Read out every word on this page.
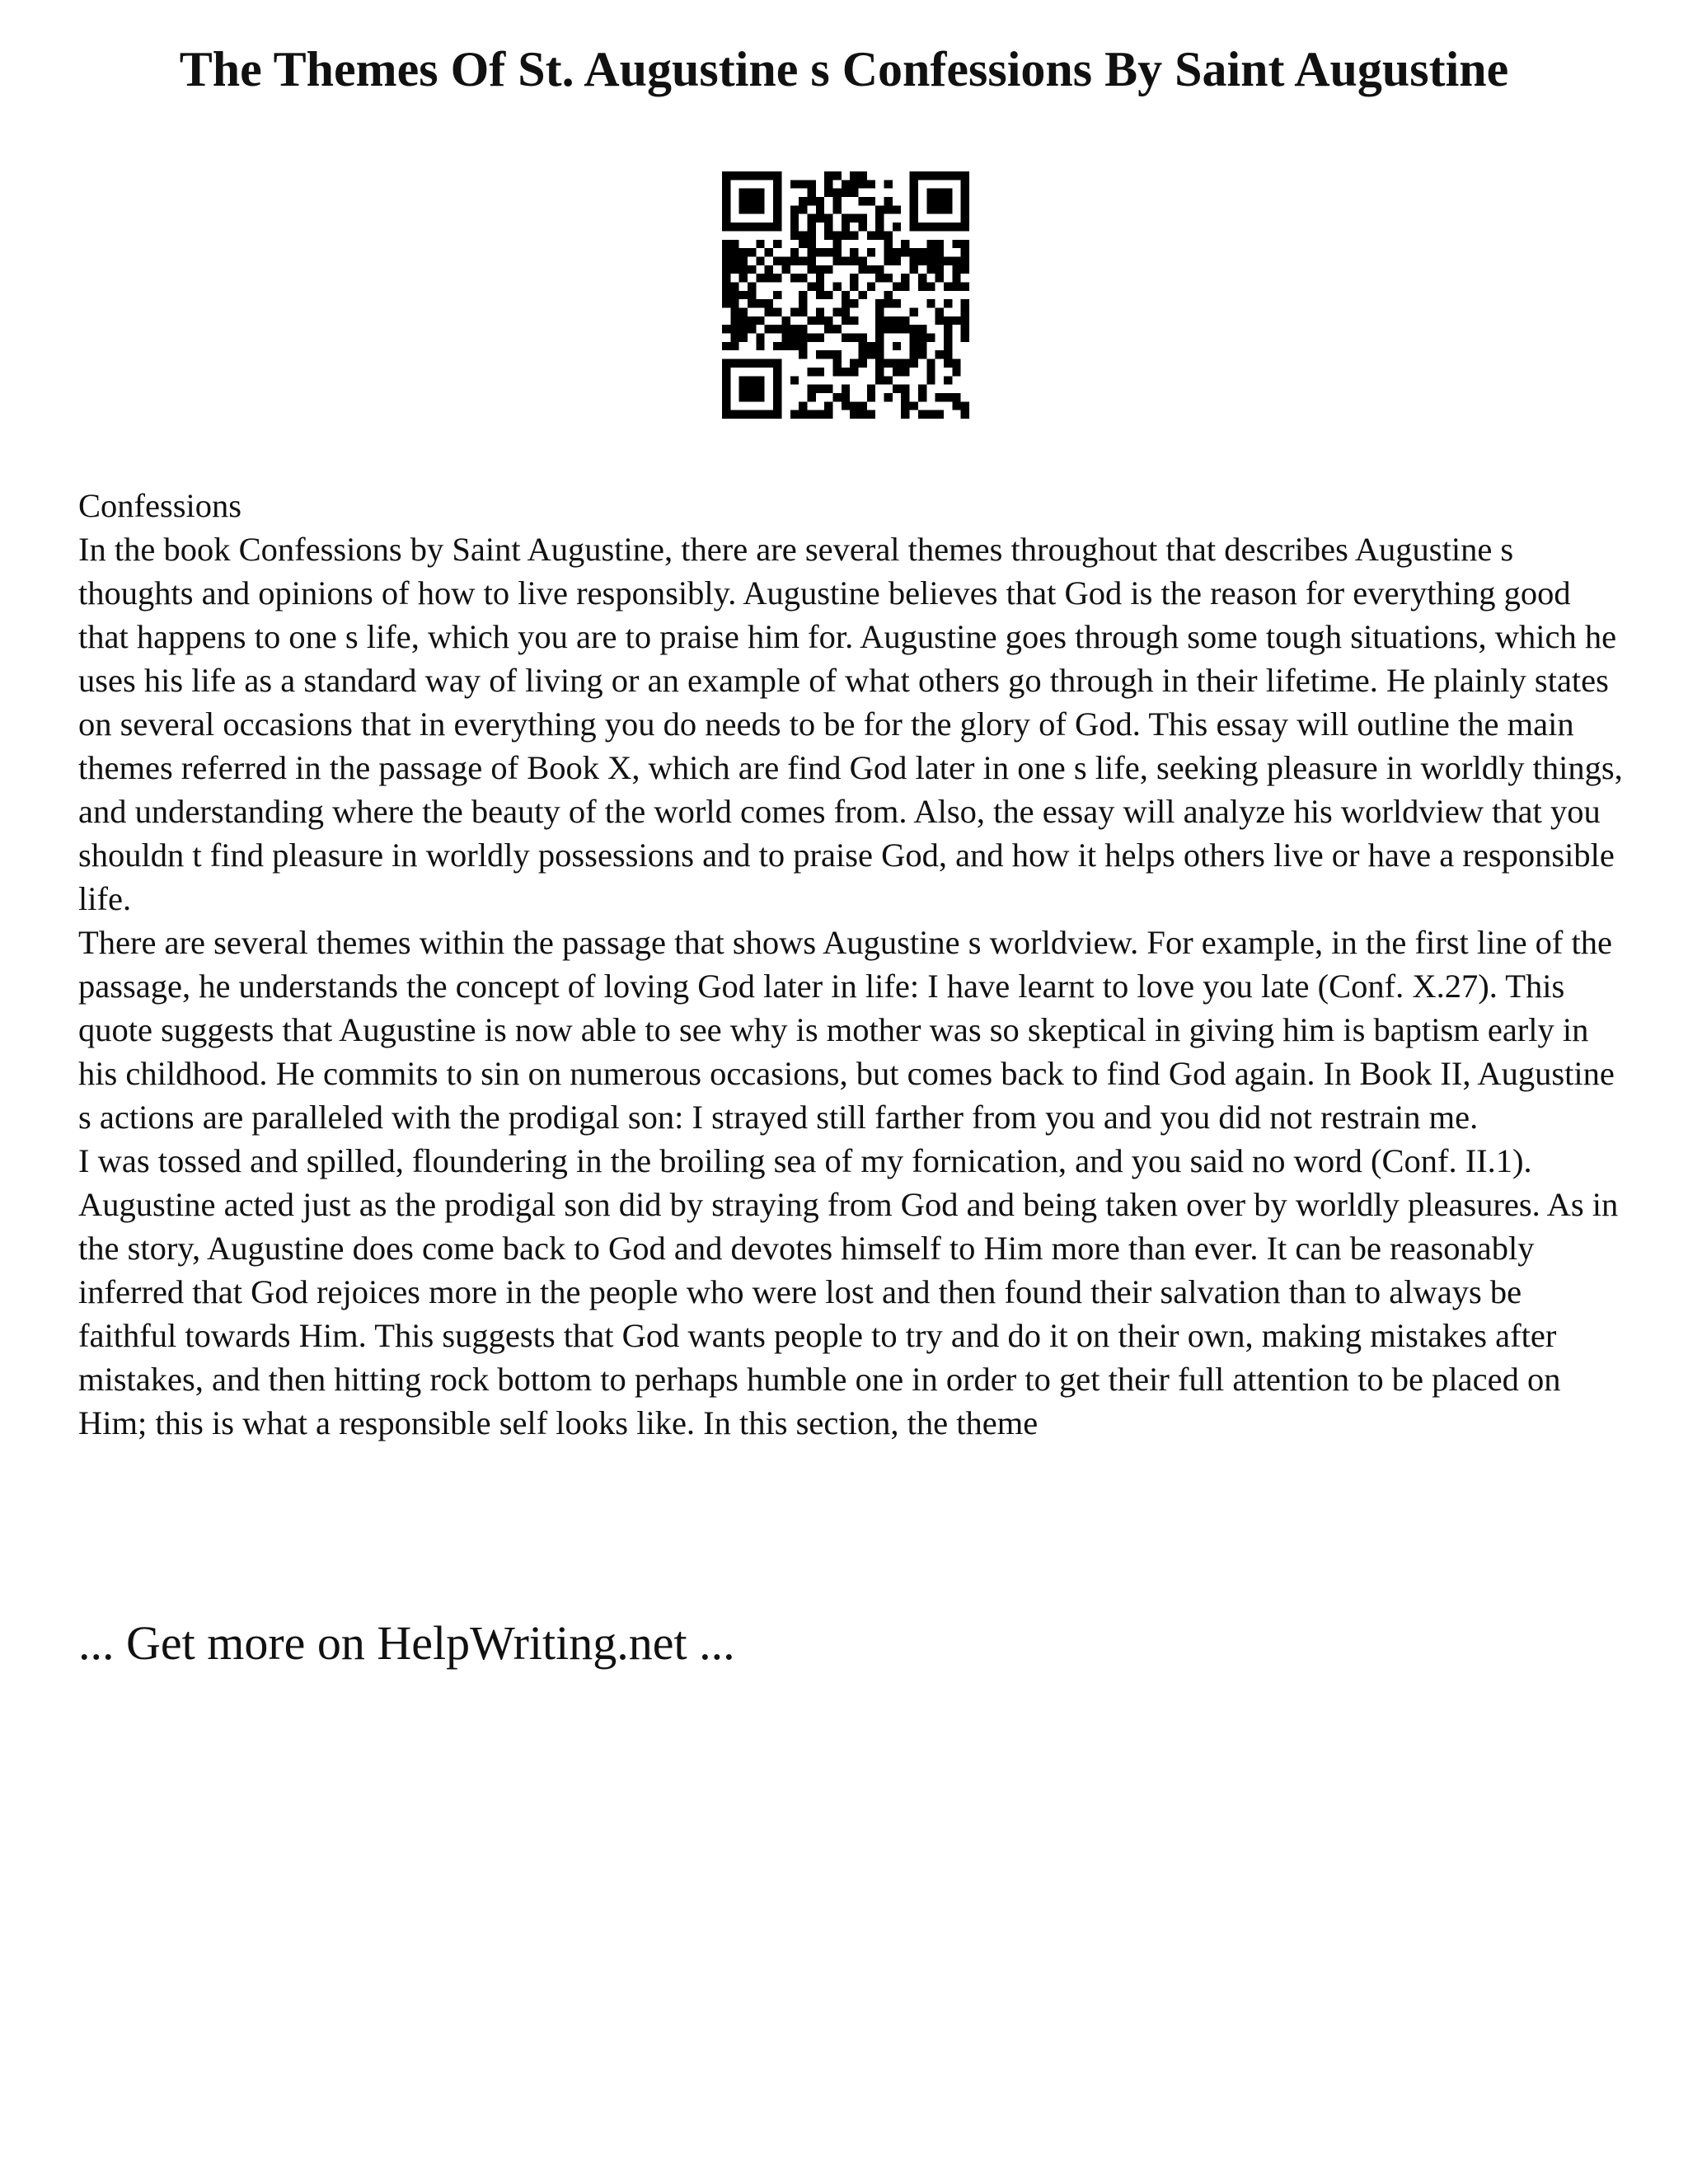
The Themes Of St. Augustine s Confessions By Saint Augustine

Confessions

In the book Confessions by Saint Augustine, there are several themes throughout that describes Augustine s thoughts and opinions of how to live responsibly. Augustine believes that God is the reason for everything good that happens to one s life, which you are to praise him for. Augustine goes through some tough situations, which he uses his life as a standard way of living or an example of what others go through in their lifetime. He plainly states on several occasions that in everything you do needs to be for the glory of God. This essay will outline the main themes referred in the passage of Book X, which are find God later in one s life, seeking pleasure in worldly things, and understanding where the beauty of the world comes from. Also, the essay will analyze his worldview that you shouldn t find pleasure in worldly possessions and to praise God, and how it helps others live or have a responsible life.

There are several themes within the passage that shows Augustine s worldview. For example, in the first line of the passage, he understands the concept of loving God later in life: I have learnt to love you late (Conf. X.27). This quote suggests that Augustine is now able to see why is mother was so skeptical in giving him is baptism early in his childhood. He commits to sin on numerous occasions, but comes back to find God again. In Book II, Augustine s actions are paralleled with the prodigal son: I strayed still farther from you and you did not restrain me.

I was tossed and spilled, floundering in the broiling sea of my fornication, and you said no word (Conf. II.1). Augustine acted just as the prodigal son did by straying from God and being taken over by worldly pleasures. As in the story, Augustine does come back to God and devotes himself to Him more than ever. It can be reasonably inferred that God rejoices more in the people who were lost and then found their salvation than to always be faithful towards Him. This suggests that God wants people to try and do it on their own, making mistakes after mistakes, and then hitting rock bottom to perhaps humble one in order to get their full attention to be placed on Him; this is what a responsible self looks like. In this section, the theme

... Get more on HelpWriting.net ...
